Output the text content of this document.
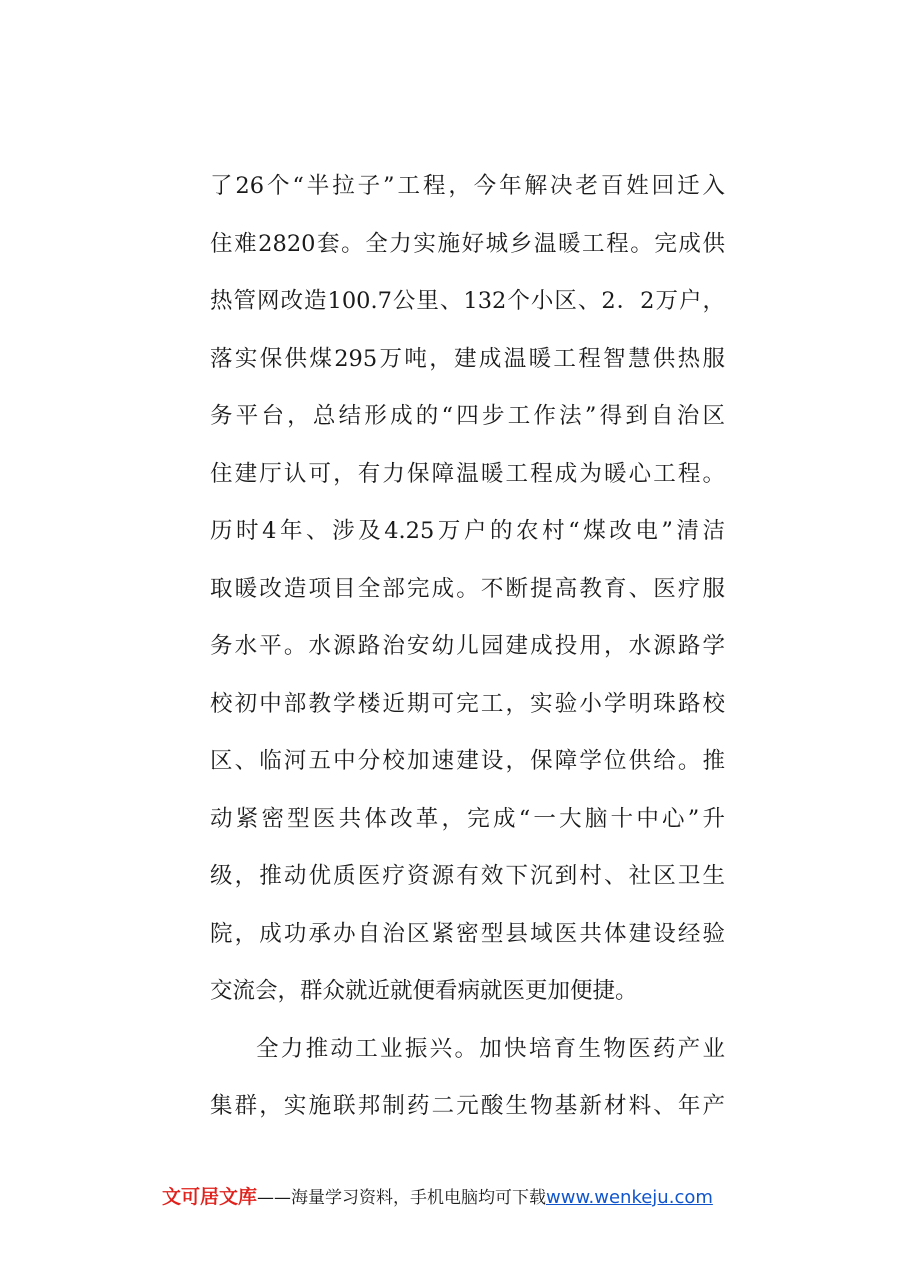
了26个“半拉子”工程，今年解决老百姓回迁入
住难2820套。全力实施好城乡温暖工程。完成供
热管网改造100.7公里、132个小区、2．2万户，
落实保供煤295万吨，建成温暖工程智慧供热服
务平台，总结形成的“四步工作法”得到自治区
住建厅认可，有力保障温暖工程成为暖心工程。
历时4年、涉及4.25万户的农村“煤改电”清洁
取暖改造项目全部完成。不断提高教育、医疗服
务水平。水源路治安幼儿园建成投用，水源路学
校初中部教学楼近期可完工，实验小学明珠路校
区、临河五中分校加速建设，保障学位供给。推
动紧密型医共体改革，完成“一大脑十中心”升
级，推动优质医疗资源有效下沉到村、社区卫生
院，成功承办自治区紧密型县域医共体建设经验
交流会，群众就近就便看病就医更加便捷。
全力推动工业振兴。加快培育生物医药产业
集群，实施联邦制药二元酸生物基新材料、年产
文可居文库——海量学习资料，手机电脑均可下载www.wenkeju.com
